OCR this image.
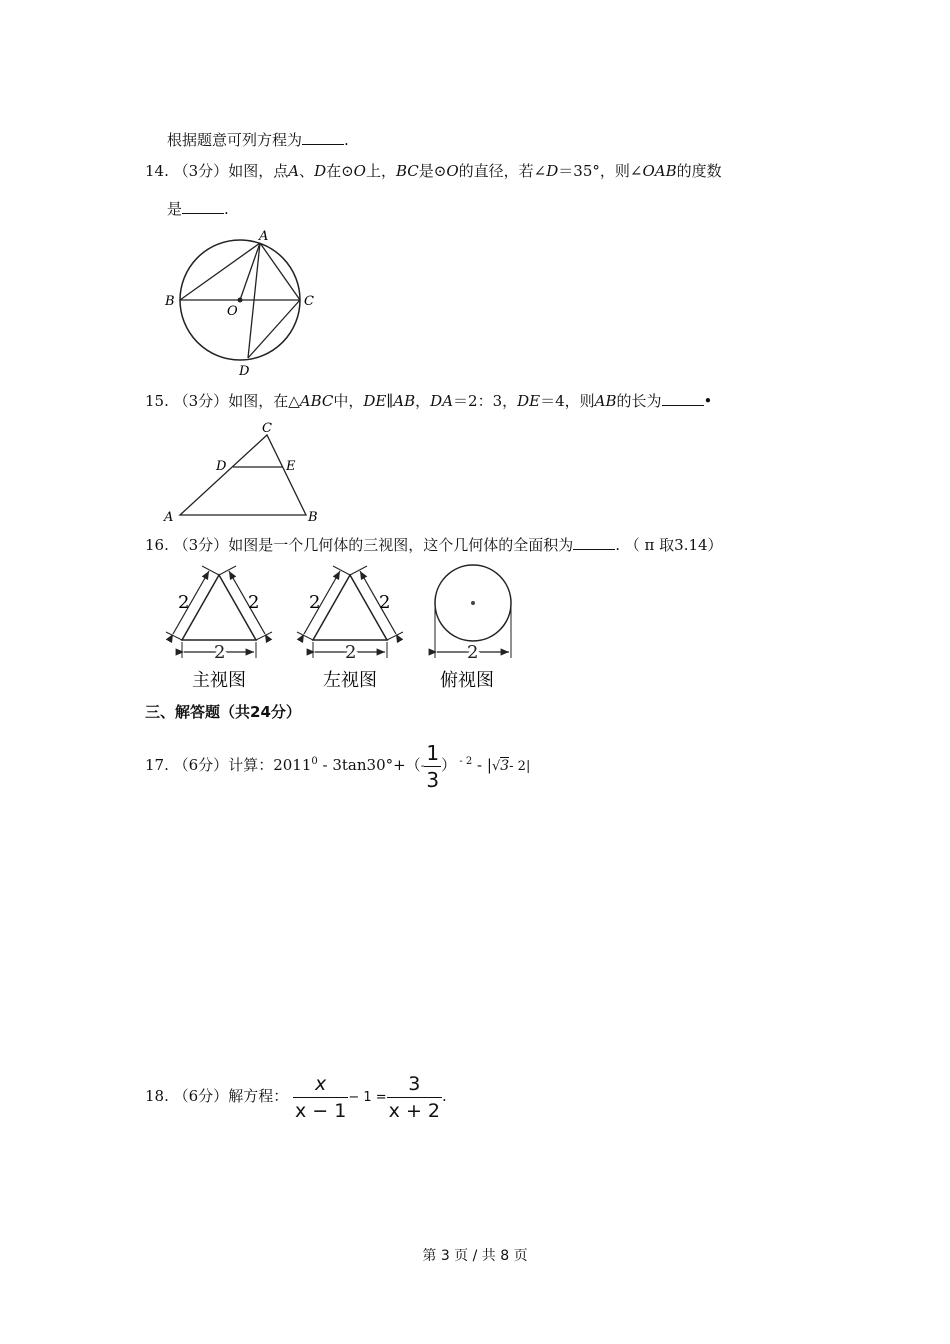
根据题意可列方程为	.
14. （3分）如图，点A、D在⊙O上，BC是⊙O的直径，若∠D＝35°，则∠OAB的度数
是	.
A
B	C
O
D
15. （3分）如图，在△ABC中，DE∥AB，DA＝2：3，DE＝4，则AB的长为	•
C
D	E
A	B
16. （3分）如图是一个几何体的三视图，这个几何体的全面积为	. （ π 取3.14）
2	2
2
主视图
2	2
2
左视图
2
俯视图
三、解答题（共24分）
17. （6分）计算：$2011^0 - 3\tan 30^\circ+(- \frac{1}{3}$ ） $^{- 2}$ - |√3- 2|
18. （6分）解方程： $\frac{x}{x - 1} - 1 = \frac{3}{x + 2}$ .
第 3 页 / 共 8 页
